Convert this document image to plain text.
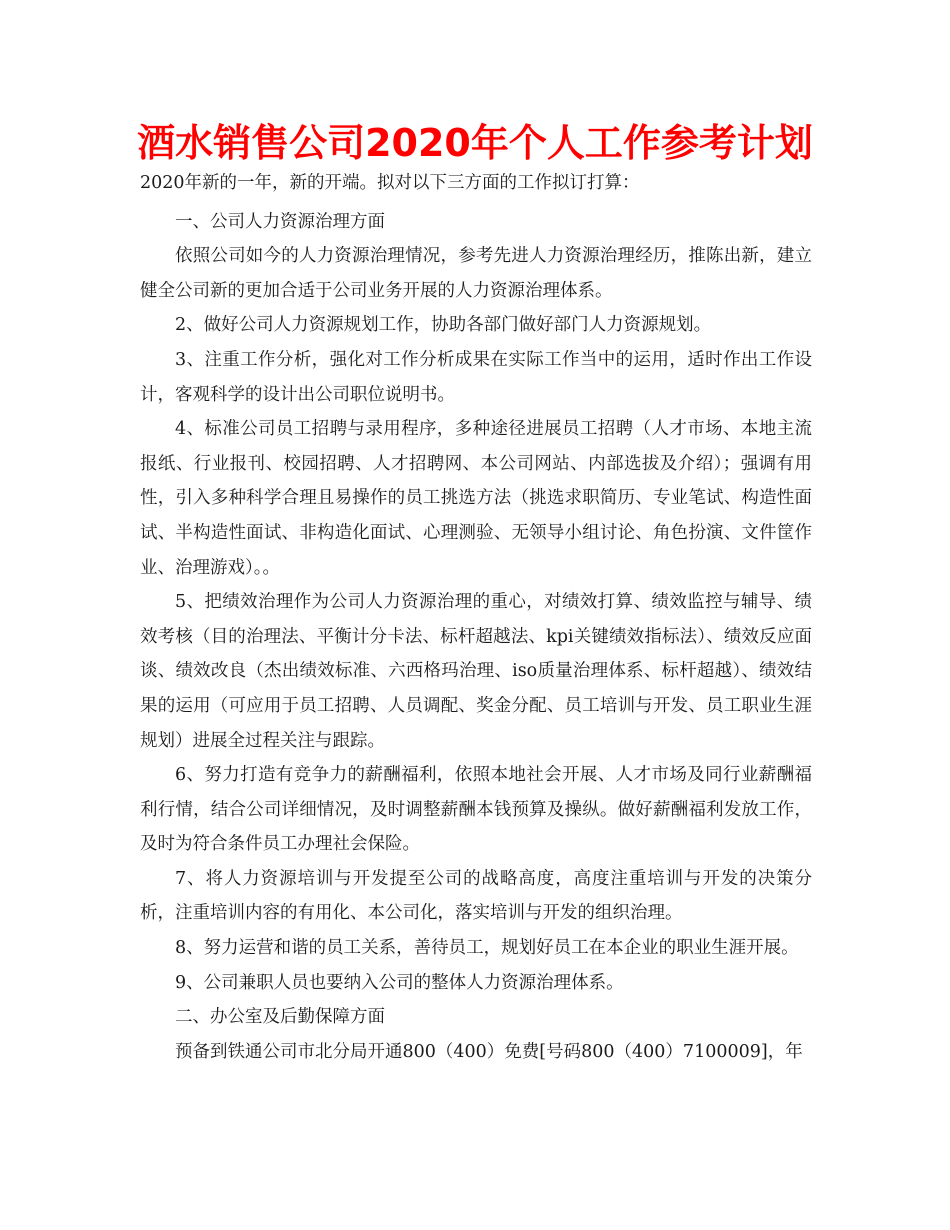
酒水销售公司2020年个人工作参考计划

2020年新的一年，新的开端。拟对以下三方面的工作拟订打算：

一、公司人力资源治理方面

依照公司如今的人力资源治理情况，参考先进人力资源治理经历，推陈出新，建立健全公司新的更加合适于公司业务开展的人力资源治理体系。

2、做好公司人力资源规划工作，协助各部门做好部门人力资源规划。

3、注重工作分析，强化对工作分析成果在实际工作当中的运用，适时作出工作设计，客观科学的设计出公司职位说明书。

4、标准公司员工招聘与录用程序，多种途径进展员工招聘（人才市场、本地主流报纸、行业报刊、校园招聘、人才招聘网、本公司网站、内部选拔及介绍）；强调有用性，引入多种科学合理且易操作的员工挑选方法（挑选求职简历、专业笔试、构造性面试、半构造性面试、非构造化面试、心理测验、无领导小组讨论、角色扮演、文件筐作业、治理游戏）。。

5、把绩效治理作为公司人力资源治理的重心，对绩效打算、绩效监控与辅导、绩效考核（目的治理法、平衡计分卡法、标杆超越法、kpi关键绩效指标法）、绩效反应面谈、绩效改良（杰出绩效标准、六西格玛治理、iso质量治理体系、标杆超越）、绩效结果的运用（可应用于员工招聘、人员调配、奖金分配、员工培训与开发、员工职业生涯规划）进展全过程关注与跟踪。

6、努力打造有竞争力的薪酬福利，依照本地社会开展、人才市场及同行业薪酬福利行情，结合公司详细情况，及时调整薪酬本钱预算及操纵。做好薪酬福利发放工作，及时为符合条件员工办理社会保险。

7、将人力资源培训与开发提至公司的战略高度，高度注重培训与开发的决策分析，注重培训内容的有用化、本公司化，落实培训与开发的组织治理。

8、努力运营和谐的员工关系，善待员工，规划好员工在本企业的职业生涯开展。

9、公司兼职人员也要纳入公司的整体人力资源治理体系。

二、办公室及后勤保障方面

预备到铁通公司市北分局开通800（400）免费[号码800（400）7100009]，年
